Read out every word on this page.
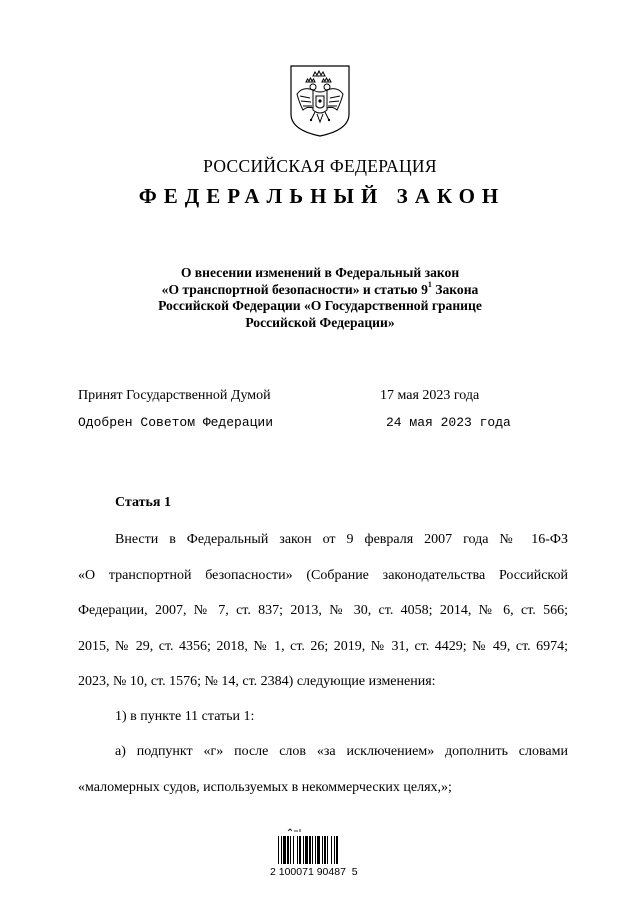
РОССИЙСКАЯ ФЕДЕРАЦИЯ
ФЕДЕРАЛЬНЫЙ ЗАКОН
О внесении изменений в Федеральный закон
«О транспортной безопасности» и статью $9^1$ Закона
Российской Федерации «О Государственной границе
Российской Федерации»
Принят Государственной Думой	17 мая 2023 года
Одобрен Советом Федерации	24 мая 2023 года
Статья 1
Внести в Федеральный закон от 9 февраля 2007 года № 16-ФЗ
«О транспортной безопасности» (Собрание законодательства Российской
Федерации, 2007, № 7, ст. 837; 2013, № 30, ст. 4058; 2014, № 6, ст. 566;
2015, № 29, ст. 4356; 2018, № 1, ст. 26; 2019, № 31, ст. 4429; № 49, ст. 6974;
2023, № 10, ст. 1576; № 14, ст. 2384) следующие изменения:
1) в пункте 11 статьи 1:
а) подпункт «г» после слов «за исключением» дополнить словами
«маломерных судов, используемых в некоммерческих целях,»;
2 100071 90487  5
